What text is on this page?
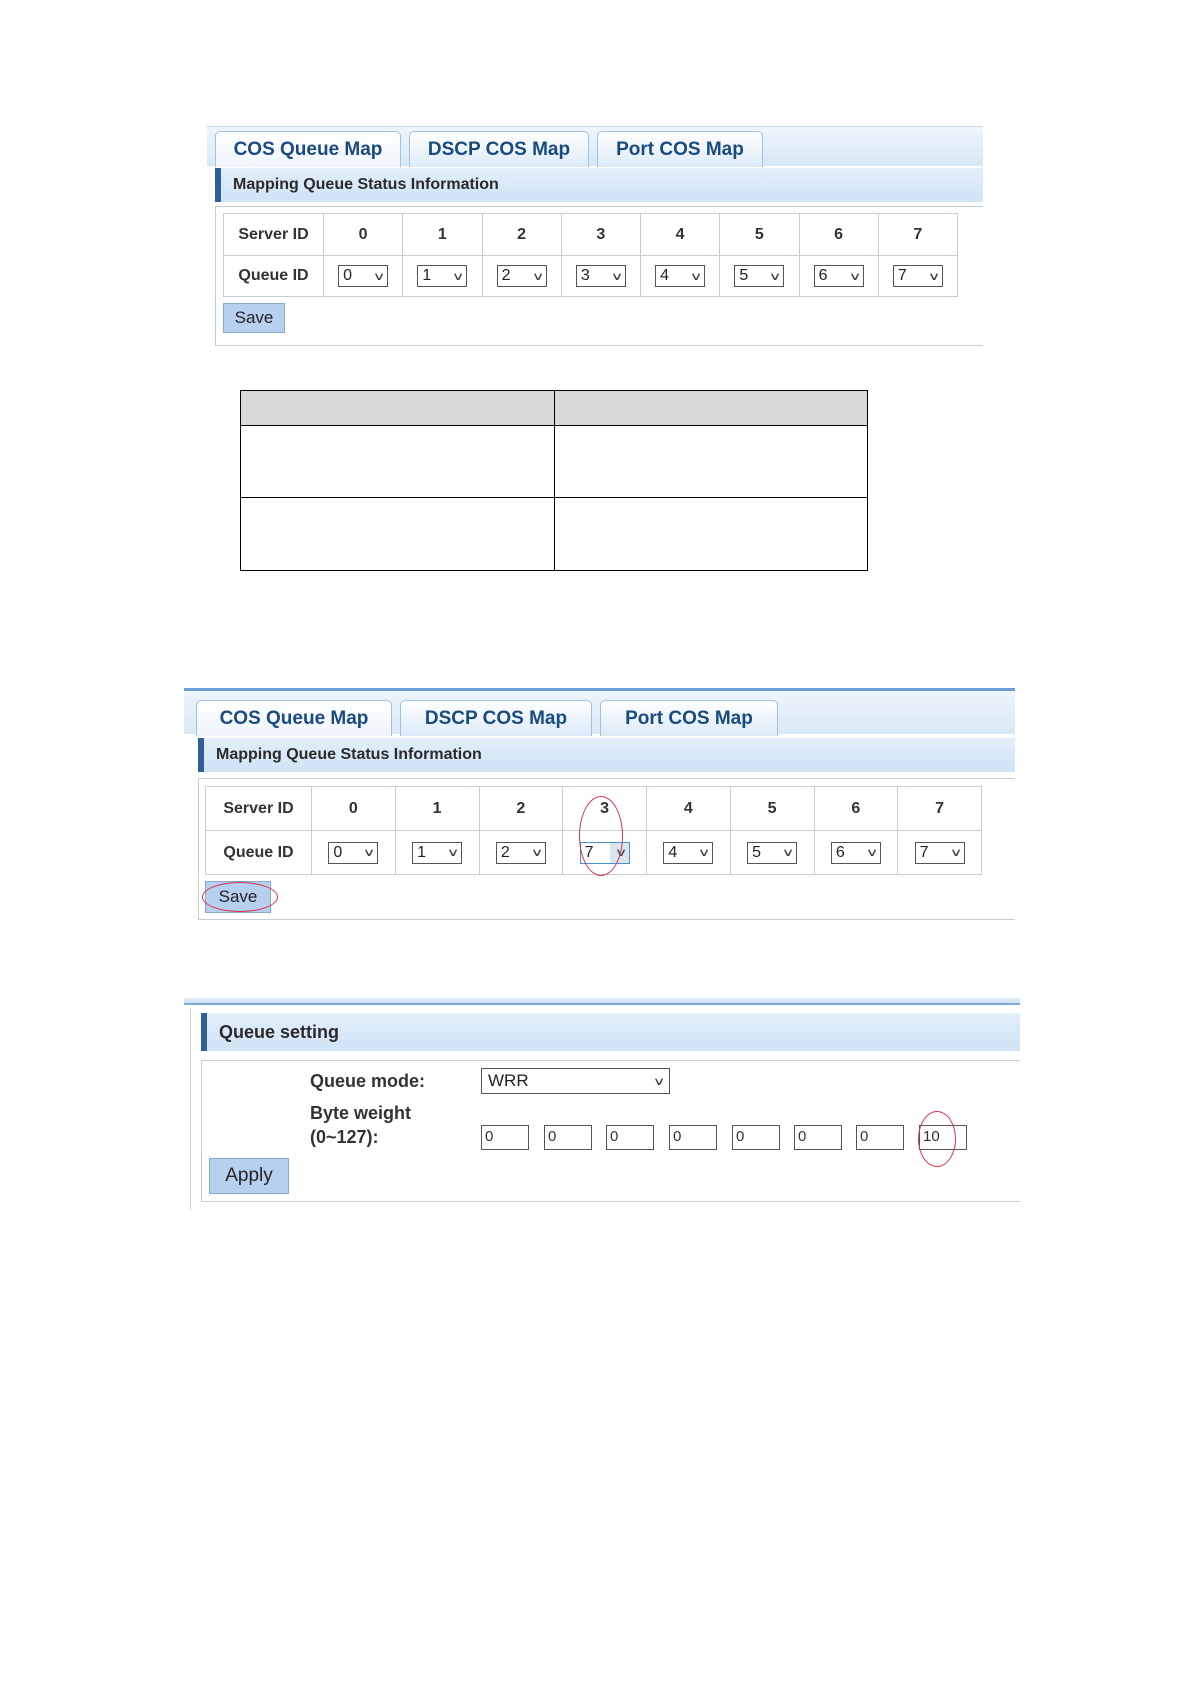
COS Queue Map	DSCP COS Map	Port COS Map
Mapping Queue Status Information
Server ID	0	1	2	3	4	5	6	7
Queue ID	0 ∨	1 ∨	2 ∨	3 ∨	4 ∨	5 ∨	6 ∨	7 ∨
Save

COS Queue Map	DSCP COS Map	Port COS Map
Mapping Queue Status Information
Server ID	0	1	2	3	4	5	6	7
Queue ID	0 ∨	1 ∨	2 ∨	7 ∨	4 ∨	5 ∨	6 ∨	7 ∨
Save
Queue setting
Queue mode:	WRR	∨
Byte weight
(0~127):	0	0	0	0	0	0	0	10
Apply
